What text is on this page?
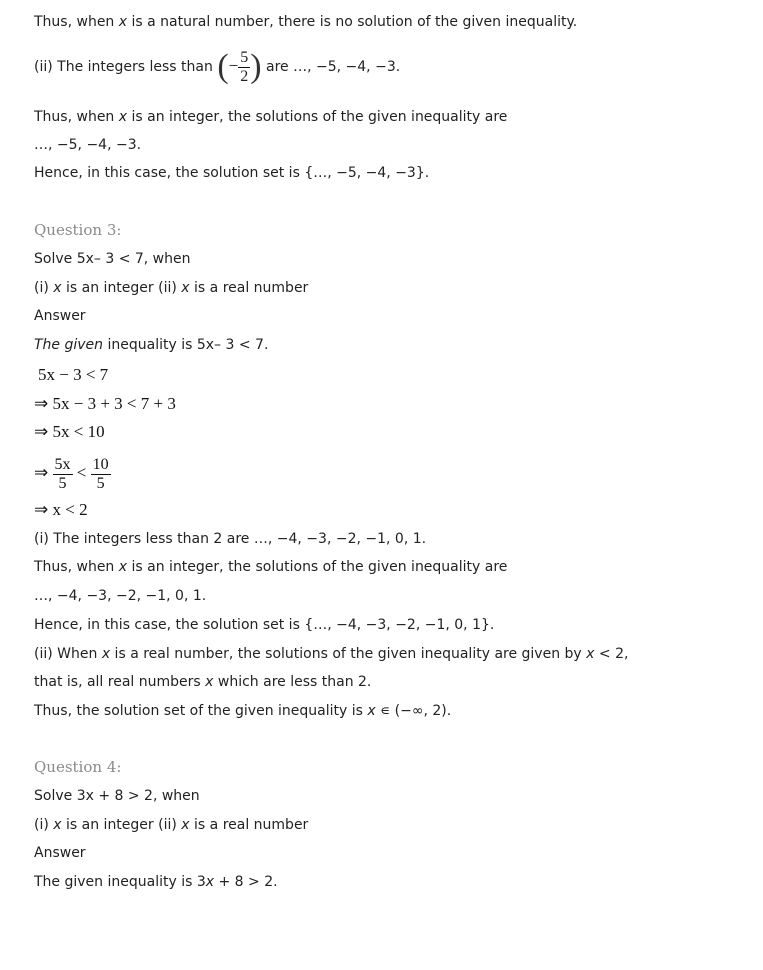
Thus, when x is a natural number, there is no solution of the given inequality.
(ii) The integers less than (− $\frac{5}{2}$ ) are …, −5, −4, −3.
Thus, when x is an integer, the solutions of the given inequality are
…, −5, −4, −3.
Hence, in this case, the solution set is {…, −5, −4, −3}.
Question 3:
Solve 5x– 3 < 7, when
(i) x is an integer (ii) x is a real number
Answer
The given inequality is 5x– 3 < 7.
5x − 3 < 7
⇒ 5x − 3 + 3 < 7 + 3
⇒ 5x < 10
⇒ $\frac{5x}{5} < \frac{10}{5}$
⇒ x < 2
(i) The integers less than 2 are …, −4, −3, −2, −1, 0, 1.
Thus, when x is an integer, the solutions of the given inequality are
…, −4, −3, −2, −1, 0, 1.
Hence, in this case, the solution set is {…, −4, −3, −2, −1, 0, 1}.
(ii) When x is a real number, the solutions of the given inequality are given by x < 2,
that is, all real numbers x which are less than 2.
Thus, the solution set of the given inequality is x ∊ (−∞, 2).
Question 4:
Solve 3x + 8 > 2, when
(i) x is an integer (ii) x is a real number
Answer
The given inequality is 3x + 8 > 2.
